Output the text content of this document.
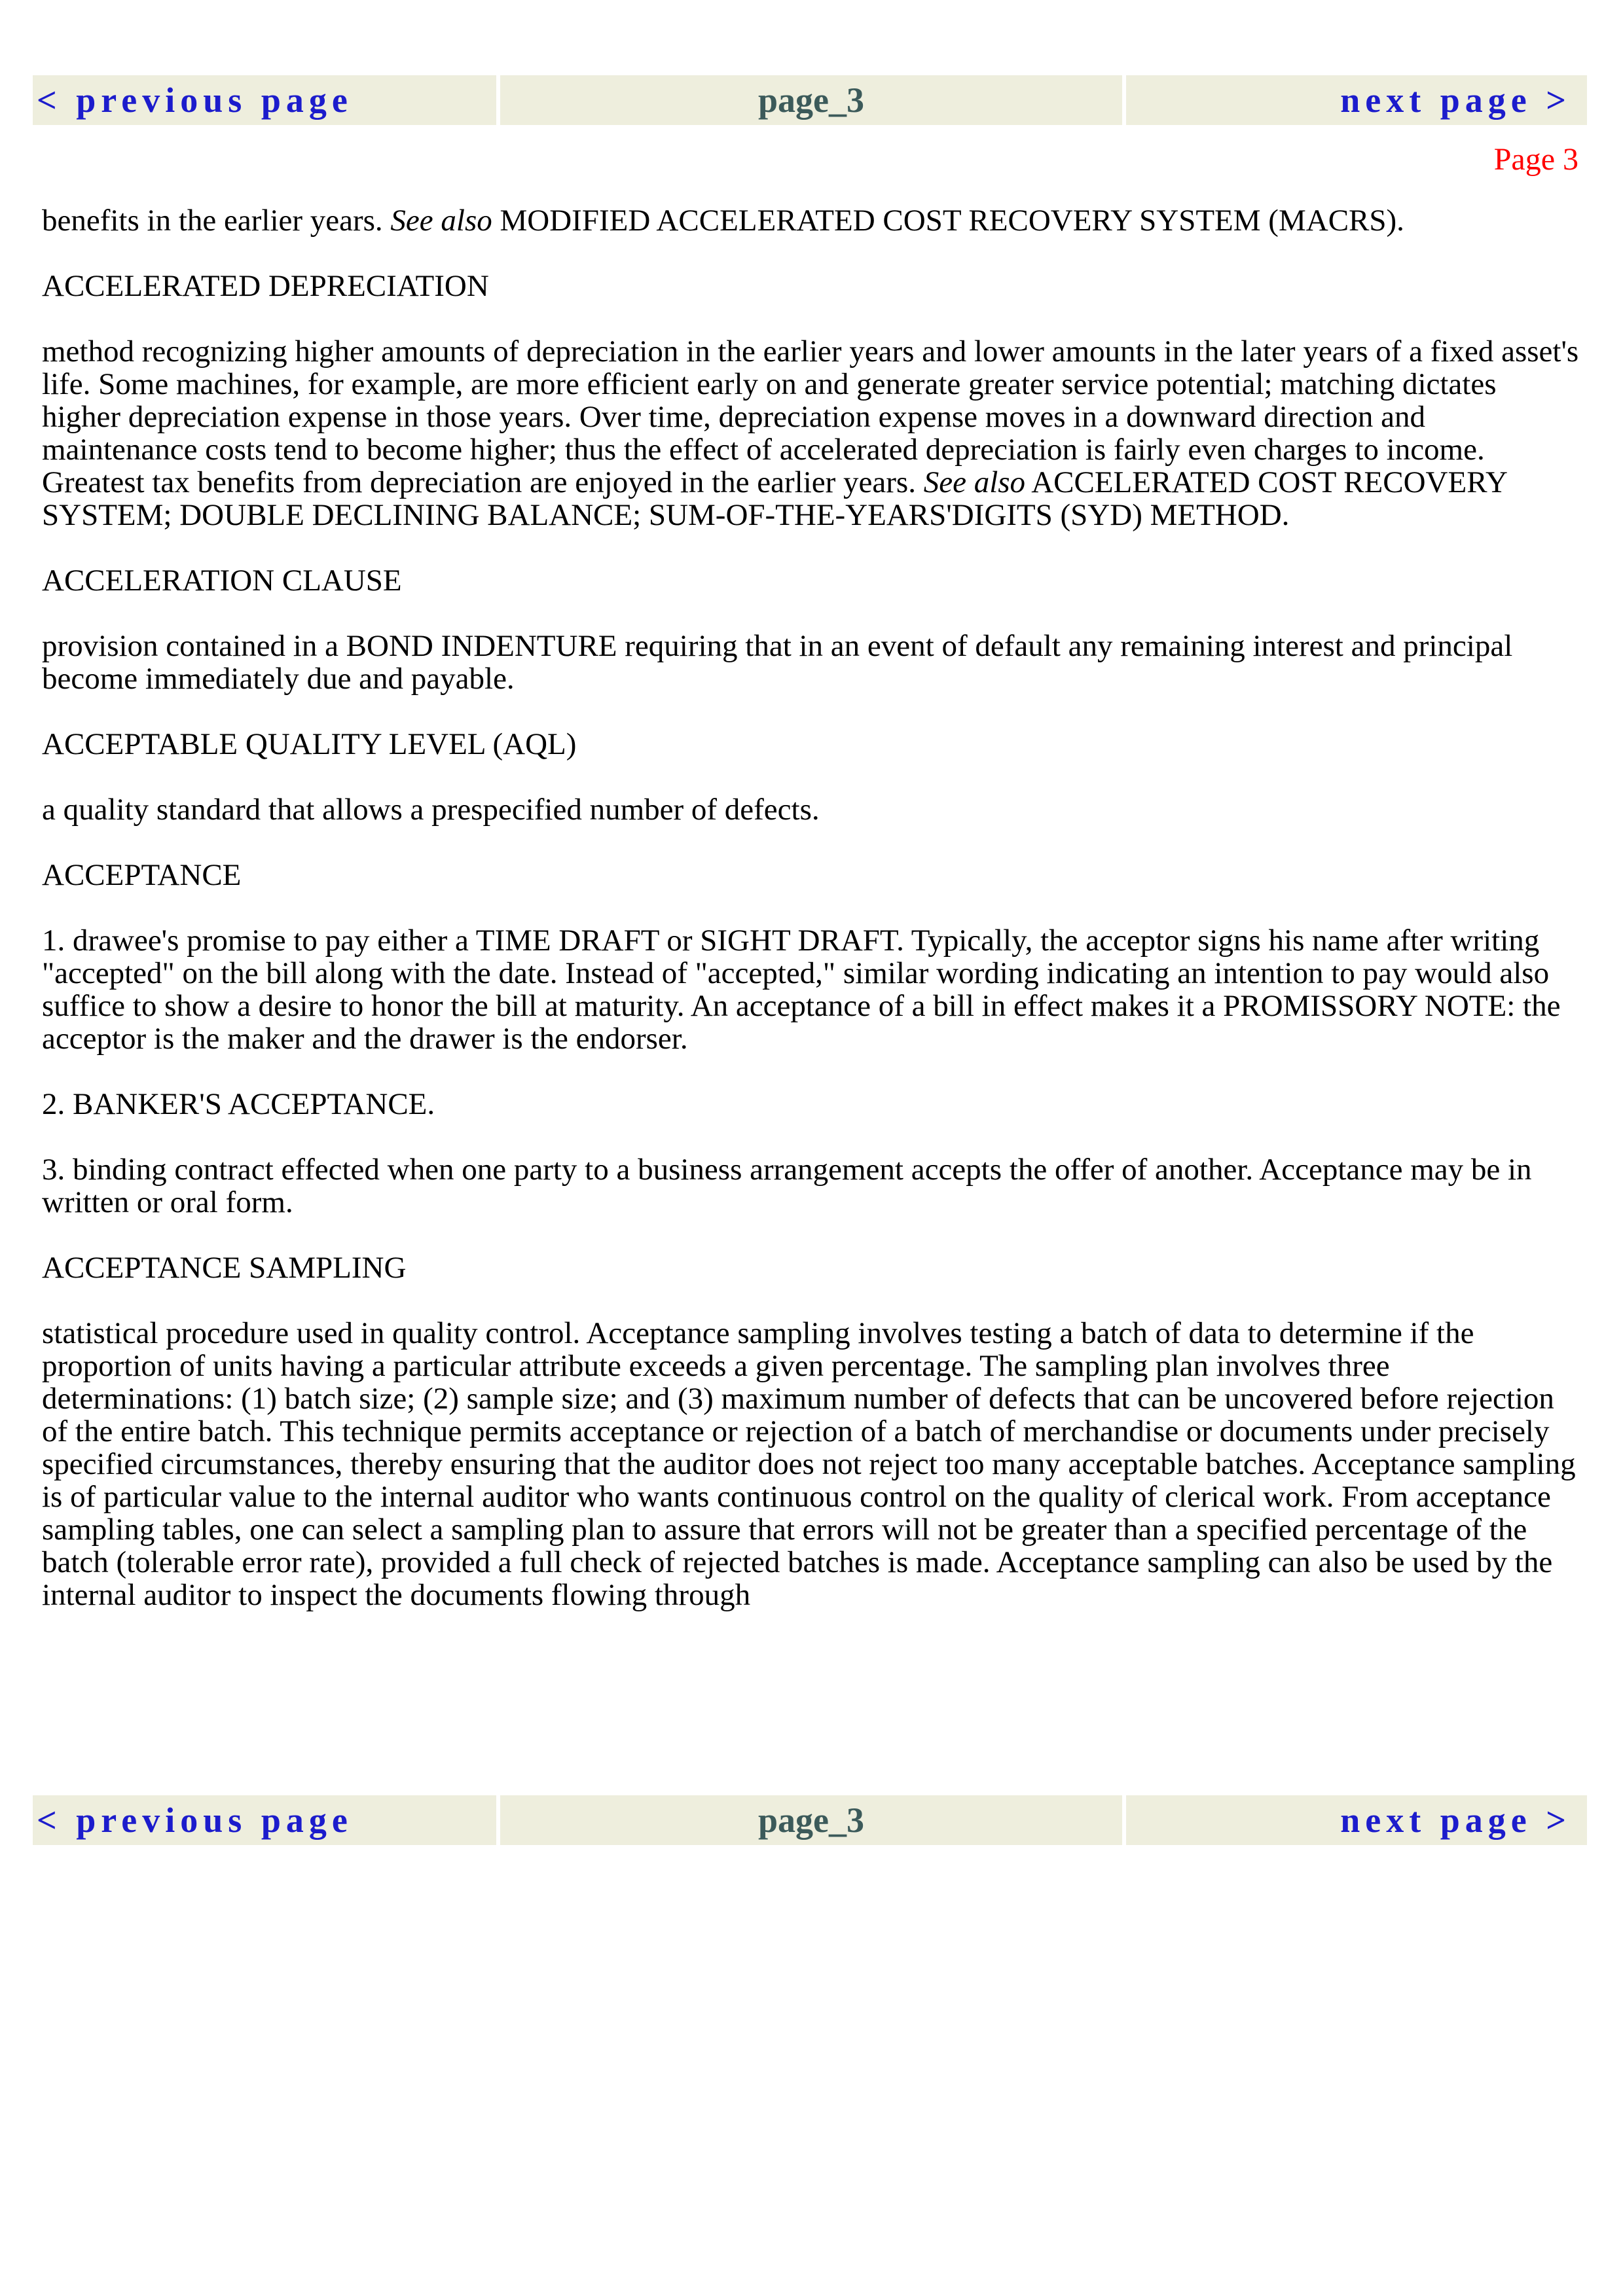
< previous page	page_3	next page >
Page 3

benefits in the earlier years. See also MODIFIED ACCELERATED COST RECOVERY SYSTEM (MACRS).

ACCELERATED DEPRECIATION

method recognizing higher amounts of depreciation in the earlier years and lower amounts in the later years of a fixed asset's life. Some machines, for example, are more efficient early on and generate greater service potential; matching dictates higher depreciation expense in those years. Over time, depreciation expense moves in a downward direction and maintenance costs tend to become higher; thus the effect of accelerated depreciation is fairly even charges to income. Greatest tax benefits from depreciation are enjoyed in the earlier years. See also ACCELERATED COST RECOVERY SYSTEM; DOUBLE DECLINING BALANCE; SUM-OF-THE-YEARS'DIGITS (SYD) METHOD.

ACCELERATION CLAUSE

provision contained in a BOND INDENTURE requiring that in an event of default any remaining interest and principal become immediately due and payable.

ACCEPTABLE QUALITY LEVEL (AQL)

a quality standard that allows a prespecified number of defects.

ACCEPTANCE

1. drawee's promise to pay either a TIME DRAFT or SIGHT DRAFT. Typically, the acceptor signs his name after writing "accepted" on the bill along with the date. Instead of "accepted," similar wording indicating an intention to pay would also suffice to show a desire to honor the bill at maturity. An acceptance of a bill in effect makes it a PROMISSORY NOTE: the acceptor is the maker and the drawer is the endorser.

2. BANKER'S ACCEPTANCE.

3. binding contract effected when one party to a business arrangement accepts the offer of another. Acceptance may be in written or oral form.

ACCEPTANCE SAMPLING

statistical procedure used in quality control. Acceptance sampling involves testing a batch of data to determine if the proportion of units having a particular attribute exceeds a given percentage. The sampling plan involves three determinations: (1) batch size; (2) sample size; and (3) maximum number of defects that can be uncovered before rejection of the entire batch. This technique permits acceptance or rejection of a batch of merchandise or documents under precisely specified circumstances, thereby ensuring that the auditor does not reject too many acceptable batches. Acceptance sampling is of particular value to the internal auditor who wants continuous control on the quality of clerical work. From acceptance sampling tables, one can select a sampling plan to assure that errors will not be greater than a specified percentage of the batch (tolerable error rate), provided a full check of rejected batches is made. Acceptance sampling can also be used by the internal auditor to inspect the documents flowing through

< previous page	page_3	next page >
